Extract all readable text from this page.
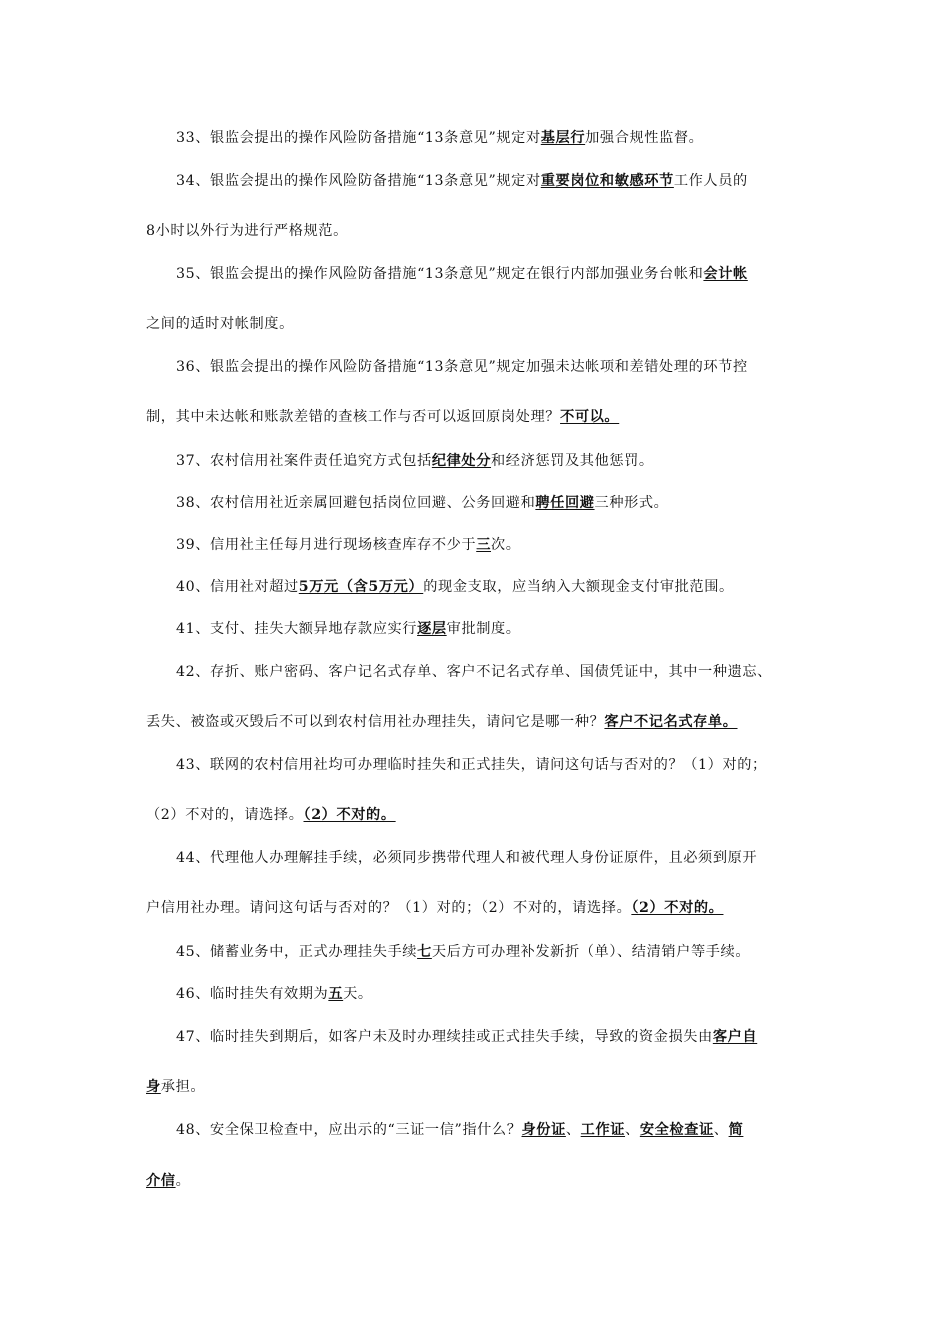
33、银监会提出的操作风险防备措施“13条意见”规定对基层行加强合规性监督。
34、银监会提出的操作风险防备措施“13条意见”规定对重要岗位和敏感环节工作人员的
8小时以外行为进行严格规范。
35、银监会提出的操作风险防备措施“13条意见”规定在银行内部加强业务台帐和会计帐
之间的适时对帐制度。
36、银监会提出的操作风险防备措施“13条意见”规定加强未达帐项和差错处理的环节控
制，其中未达帐和账款差错的查核工作与否可以返回原岗处理？不可以。
37、农村信用社案件责任追究方式包括纪律处分和经济惩罚及其他惩罚。
38、农村信用社近亲属回避包括岗位回避、公务回避和聘任回避三种形式。
39、信用社主任每月进行现场核查库存不少于三次。
40、信用社对超过5万元（含5万元）的现金支取，应当纳入大额现金支付审批范围。
41、支付、挂失大额异地存款应实行逐层审批制度。
42、存折、账户密码、客户记名式存单、客户不记名式存单、国债凭证中，其中一种遗忘、
丢失、被盗或灭毁后不可以到农村信用社办理挂失，请问它是哪一种？客户不记名式存单。
43、联网的农村信用社均可办理临时挂失和正式挂失，请问这句话与否对的？（1）对的；
（2）不对的，请选择。（2）不对的。
44、代理他人办理解挂手续，必须同步携带代理人和被代理人身份证原件，且必须到原开
户信用社办理。请问这句话与否对的？（1）对的；（2）不对的，请选择。（2）不对的。
45、储蓄业务中，正式办理挂失手续七天后方可办理补发新折（单）、结清销户等手续。
46、临时挂失有效期为五天。
47、临时挂失到期后，如客户未及时办理续挂或正式挂失手续，导致的资金损失由客户自
身承担。
48、安全保卫检查中，应出示的“三证一信”指什么？身份证、工作证、安全检查证、简
介信。
